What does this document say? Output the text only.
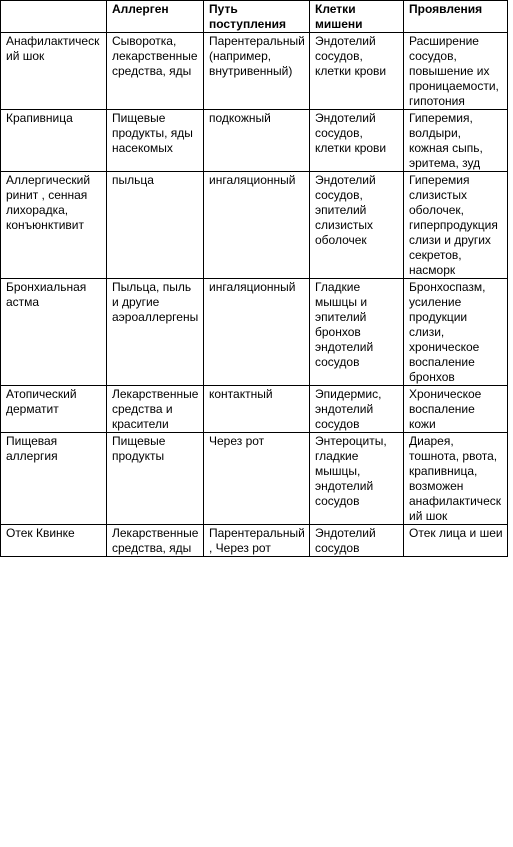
	Аллерген	Путь поступления	Клетки мишени	Проявления
Анафилактическ ий шок	Сыворотка, лекарственные средства, яды	Парентеральный (например, внутривенный)	Эндотелий сосудов, клетки крови	Расширение сосудов, повышение их проницаемости, гипотония
Крапивница	Пищевые продукты, яды насекомых	подкожный	Эндотелий сосудов, клетки крови	Гиперемия, волдыри, кожная сыпь, эритема, зуд
Аллергический ринит , сенная лихорадка, конъюнктивит	пыльца	ингаляционный	Эндотелий сосудов, эпителий слизистых оболочек	Гиперемия слизистых оболочек, гиперпродукция слизи и других секретов, насморк
Бронхиальная астма	Пыльца, пыль и другие аэроаллергены	ингаляционный	Гладкие мышцы и эпителий бронхов эндотелий сосудов	Бронхоспазм, усиление продукции слизи, хроническое воспаление бронхов
Атопический дерматит	Лекарственные средства и красители	контактный	Эпидермис, эндотелий сосудов	Хроническое воспаление кожи
Пищевая аллергия	Пищевые продукты	Через рот	Энтероциты, гладкие мышцы, эндотелий сосудов	Диарея, тошнота, рвота, крапивница, возможен анафилактическ ий шок
Отек Квинке	Лекарственные средства, яды	Парентеральный , Через рот	Эндотелий сосудов	Отек лица и шеи
